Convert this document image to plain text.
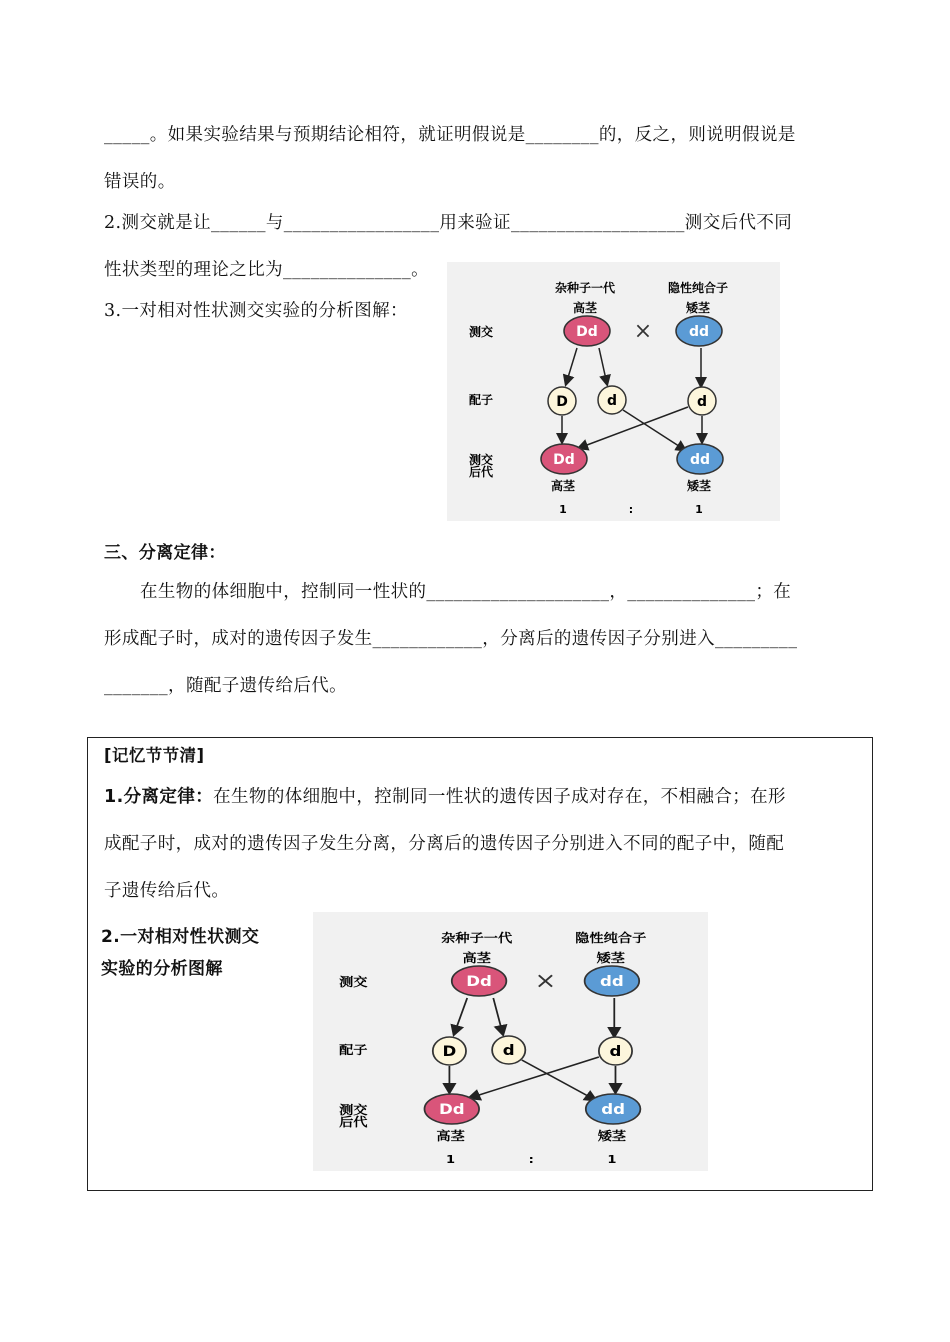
_____。如果实验结果与预期结论相符，就证明假说是________的，反之，则说明假说是
错误的。
2.测交就是让______与_________________用来验证___________________测交后代不同
性状类型的理论之比为______________。
3.一对相对性状测交实验的分析图解：
杂种子一代	隐性纯合子
高茎	矮茎
测交
配子
测交
后代
Dd ×	dd
D	d	d
Dd	dd
高茎	矮茎
1	:	1
三、分离定律：
在生物的体细胞中，控制同一性状的____________________，______________；在
形成配子时，成对的遗传因子发生____________，分离后的遗传因子分别进入_________
_______，随配子遗传给后代。
[记忆节节清]
1.分离定律：在生物的体细胞中，控制同一性状的遗传因子成对存在，不相融合；在形
成配子时，成对的遗传因子发生分离，分离后的遗传因子分别进入不同的配子中，随配
子遗传给后代。
2.一对相对性状测交
实验的分析图解
杂种子一代	隐性纯合子
高茎	矮茎
测交
配子
测交
后代
Dd ×	dd
D	d	d
Dd	dd
高茎	矮茎
1	:	1
